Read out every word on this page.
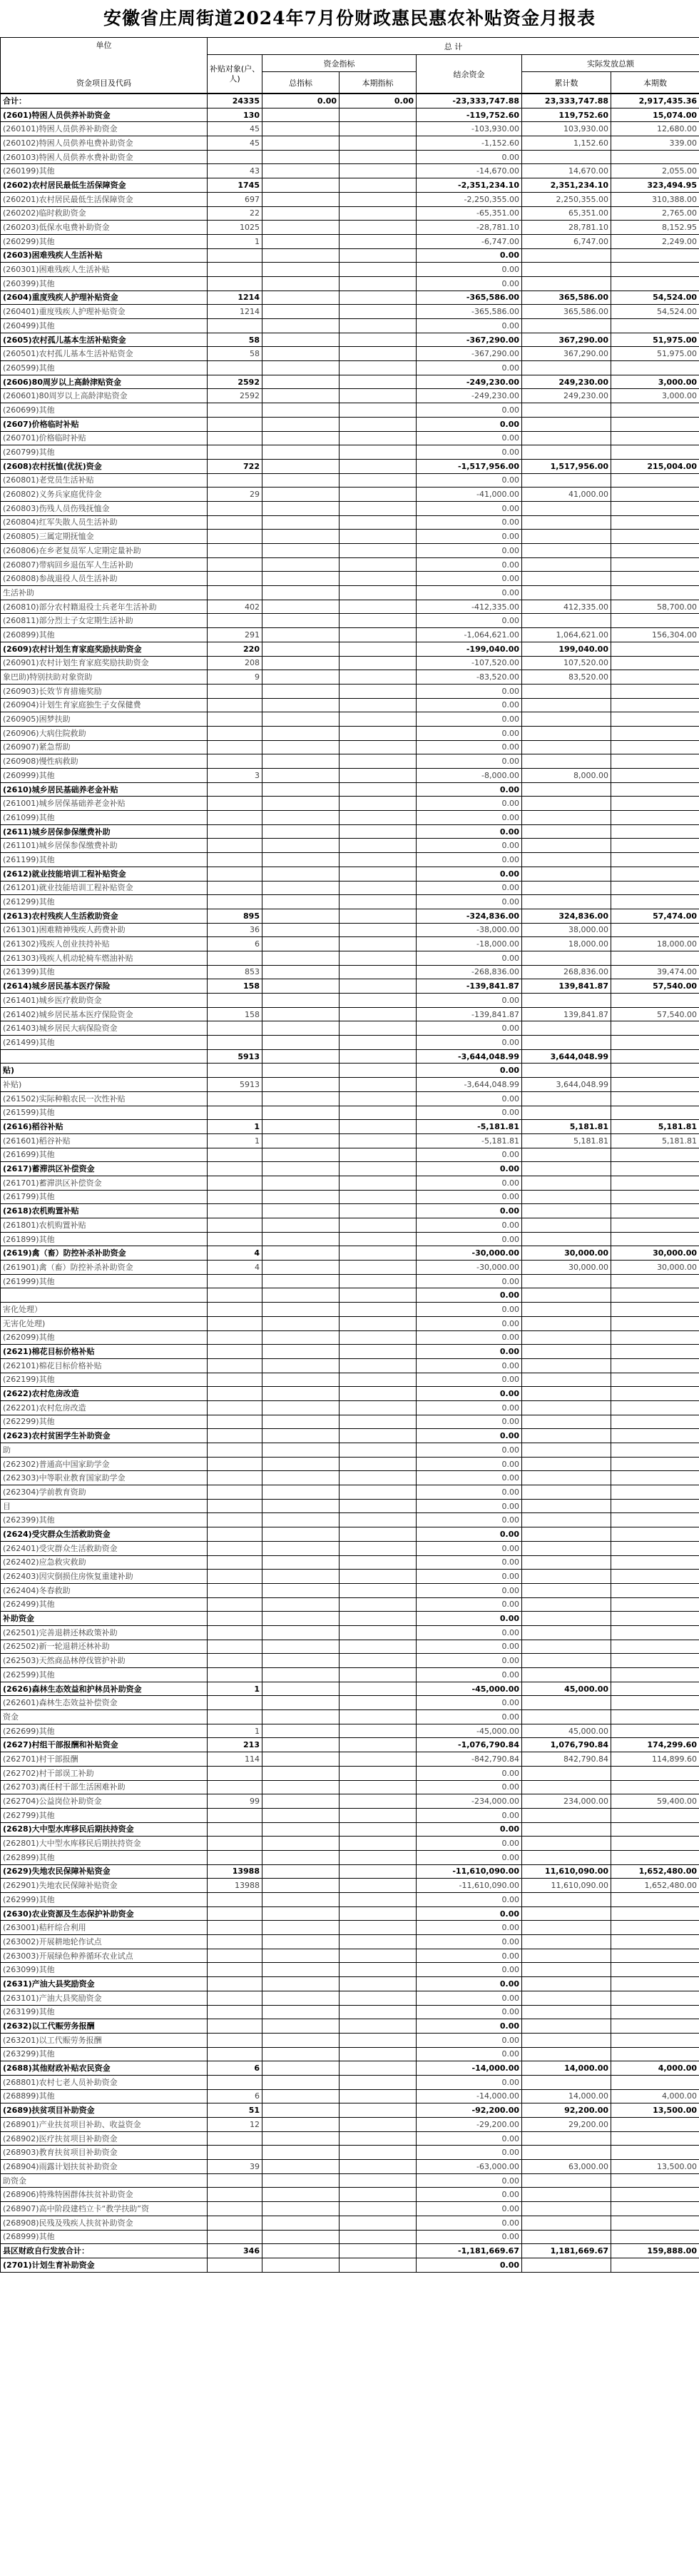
安徽省庄周街道2024年7月份财政惠民惠农补贴资金月报表
单位
资金项目及代码	总 计					
	补贴对象(户、人)	资金指标		结余资金	实际发放总额	
		总指标	本期指标		累计数	本期数
合计：	24335	0.00	0.00	-23,333,747.88	23,333,747.88	2,917,435.36
(2601)特困人员供养补助资金	130			-119,752.60	119,752.60	15,074.00
(260101)特困人员供养补助资金	45			-103,930.00	103,930.00	12,680.00
(260102)特困人员供养电费补助资金	45			-1,152.60	1,152.60	339.00
(260103)特困人员供养水费补助资金				0.00		
(260199)其他	43			-14,670.00	14,670.00	2,055.00
(2602)农村居民最低生活保障资金	1745			-2,351,234.10	2,351,234.10	323,494.95
(260201)农村居民最低生活保障资金	697			-2,250,355.00	2,250,355.00	310,388.00
(260202)临时救助资金	22			-65,351.00	65,351.00	2,765.00
(260203)低保水电费补助资金	1025			-28,781.10	28,781.10	8,152.95
(260299)其他	1			-6,747.00	6,747.00	2,249.00
(2603)困难残疾人生活补贴				0.00		
(260301)困难残疾人生活补贴				0.00		
(260399)其他				0.00		
(2604)重度残疾人护理补贴资金	1214			-365,586.00	365,586.00	54,524.00
(260401)重度残疾人护理补贴资金	1214			-365,586.00	365,586.00	54,524.00
(260499)其他				0.00		
(2605)农村孤儿基本生活补贴资金	58			-367,290.00	367,290.00	51,975.00
(260501)农村孤儿基本生活补贴资金	58			-367,290.00	367,290.00	51,975.00
(260599)其他				0.00		
(2606)80周岁以上高龄津贴资金	2592			-249,230.00	249,230.00	3,000.00
(260601)80周岁以上高龄津贴资金	2592			-249,230.00	249,230.00	3,000.00
(260699)其他				0.00		
(2607)价格临时补贴				0.00		
(260701)价格临时补贴				0.00		
(260799)其他				0.00		
(2608)农村抚恤(优抚)资金	722			-1,517,956.00	1,517,956.00	215,004.00
(260801)老党员生活补贴				0.00		
(260802)义务兵家庭优待金	29			-41,000.00	41,000.00	
(260803)伤残人员伤残抚恤金				0.00		
(260804)红军失散人员生活补助				0.00		
(260805)三属定期抚恤金				0.00		
(260806)在乡老复员军人定期定量补助				0.00		
(260807)带病回乡退伍军人生活补助				0.00		
(260808)参战退役人员生活补助				0.00		
生活补助				0.00		
(260810)部分农村籍退役士兵老年生活补助	402			-412,335.00	412,335.00	58,700.00
(260811)部分烈士子女定期生活补助				0.00		
(260899)其他	291			-1,064,621.00	1,064,621.00	156,304.00
(2609)农村计划生育家庭奖励扶助资金	220			-199,040.00	199,040.00	
(260901)农村计划生育家庭奖励扶助资金	208			-107,520.00	107,520.00	
象巴助)特别扶助对象资助	9			-83,520.00	83,520.00	
(260903)长效节育措施奖励				0.00		
(260904)计划生育家庭独生子女保健费				0.00		
(260905)困梦扶助				0.00		
(260906)大病住院救助				0.00		
(260907)紧急帮助				0.00		
(260908)慢性病救助				0.00		
(260999)其他	3			-8,000.00	8,000.00	
(2610)城乡居民基础养老金补贴				0.00		
(261001)城乡居保基础养老金补贴				0.00		
(261099)其他				0.00		
(2611)城乡居保参保缴费补助				0.00		
(261101)城乡居保参保缴费补助				0.00		
(261199)其他				0.00		
(2612)就业技能培训工程补贴资金				0.00		
(261201)就业技能培训工程补贴资金				0.00		
(261299)其他				0.00		
(2613)农村残疾人生活救助资金	895			-324,836.00	324,836.00	57,474.00
(261301)困难精神残疾人药费补助	36			-38,000.00	38,000.00	
(261302)残疾人创业扶持补贴	6			-18,000.00	18,000.00	18,000.00
(261303)残疾人机动轮椅车燃油补贴				0.00		
(261399)其他	853			-268,836.00	268,836.00	39,474.00
(2614)城乡居民基本医疗保险	158			-139,841.87	139,841.87	57,540.00
(261401)城乡医疗救助资金				0.00		
(261402)城乡居民基本医疗保险资金	158			-139,841.87	139,841.87	57,540.00
(261403)城乡居民大病保险资金				0.00		
(261499)其他				0.00		
	5913			-3,644,048.99	3,644,048.99	
贴)				0.00		
补贴)	5913			-3,644,048.99	3,644,048.99	
(261502)实际种粮农民一次性补贴				0.00		
(261599)其他				0.00		
(2616)稻谷补贴	1			-5,181.81	5,181.81	5,181.81
(261601)稻谷补贴	1			-5,181.81	5,181.81	5,181.81
(261699)其他				0.00		
(2617)蓄滞洪区补偿资金				0.00		
(261701)蓄滞洪区补偿资金				0.00		
(261799)其他				0.00		
(2618)农机购置补贴				0.00		
(261801)农机购置补贴				0.00		
(261899)其他				0.00		
(2619)禽（畜）防控补杀补助资金	4			-30,000.00	30,000.00	30,000.00
(261901)禽（畜）防控补杀补助资金	4			-30,000.00	30,000.00	30,000.00
(261999)其他				0.00		
				0.00		
害化处理）				0.00		
无害化处理)				0.00		
(262099)其他				0.00		
(2621)棉花目标价格补贴				0.00		
(262101)棉花目标价格补贴				0.00		
(262199)其他				0.00		
(2622)农村危房改造				0.00		
(262201)农村危房改造				0.00		
(262299)其他				0.00		
(2623)农村贫困学生补助资金				0.00		
助				0.00		
(262302)普通高中国家助学金				0.00		
(262303)中等职业教育国家助学金				0.00		
(262304)学前教育资助				0.00		
目				0.00		
(262399)其他				0.00		
(2624)受灾群众生活救助资金				0.00		
(262401)受灾群众生活救助资金				0.00		
(262402)应急救灾救助				0.00		
(262403)因灾倒损住房恢复重建补助				0.00		
(262404)冬春救助				0.00		
(262499)其他				0.00		
补助资金				0.00		
(262501)完善退耕还林政策补助				0.00		
(262502)新一轮退耕还林补助				0.00		
(262503)天然商品林停伐管护补助				0.00		
(262599)其他				0.00		
(2626)森林生态效益和护林员补助资金	1			-45,000.00	45,000.00	
(262601)森林生态效益补偿资金				0.00		
资金				0.00		
(262699)其他	1			-45,000.00	45,000.00	
(2627)村组干部报酬和补贴资金	213			-1,076,790.84	1,076,790.84	174,299.60
(262701)村干部报酬	114			-842,790.84	842,790.84	114,899.60
(262702)村干部误工补助				0.00		
(262703)离任村干部生活困难补助				0.00		
(262704)公益岗位补助资金	99			-234,000.00	234,000.00	59,400.00
(262799)其他				0.00		
(2628)大中型水库移民后期扶持资金				0.00		
(262801)大中型水库移民后期扶持资金				0.00		
(262899)其他				0.00		
(2629)失地农民保障补贴资金	13988			-11,610,090.00	11,610,090.00	1,652,480.00
(262901)失地农民保障补贴资金	13988			-11,610,090.00	11,610,090.00	1,652,480.00
(262999)其他				0.00		
(2630)农业资源及生态保护补助资金				0.00		
(263001)秸秆综合利用				0.00		
(263002)开展耕地轮作试点				0.00		
(263003)开展绿色种养循环农业试点				0.00		
(263099)其他				0.00		
(2631)产油大县奖励资金				0.00		
(263101)产油大县奖励资金				0.00		
(263199)其他				0.00		
(2632)以工代赈劳务报酬				0.00		
(263201)以工代赈劳务报酬				0.00		
(263299)其他				0.00		
(2688)其他财政补贴农民资金	6			-14,000.00	14,000.00	4,000.00
(268801)农村七老人员补助资金				0.00		
(268899)其他	6			-14,000.00	14,000.00	4,000.00
(2689)扶贫项目补助资金	51			-92,200.00	92,200.00	13,500.00
(268901)产业扶贫项目补助、收益资金	12			-29,200.00	29,200.00	
(268902)医疗扶贫项目补助资金				0.00		
(268903)教育扶贫项目补助资金				0.00		
(268904)雨露计划扶贫补助资金	39			-63,000.00	63,000.00	13,500.00
助资金				0.00		
(268906)特殊特困群体扶贫补助资金				0.00		
(268907)高中阶段建档立卡“教学扶助”资				0.00		
(268908)民残及残疾人扶贫补助资金				0.00		
(268999)其他				0.00		
县区财政自行发放合计：	346			-1,181,669.67	1,181,669.67	159,888.00
(2701)计划生育补助资金				0.00		
